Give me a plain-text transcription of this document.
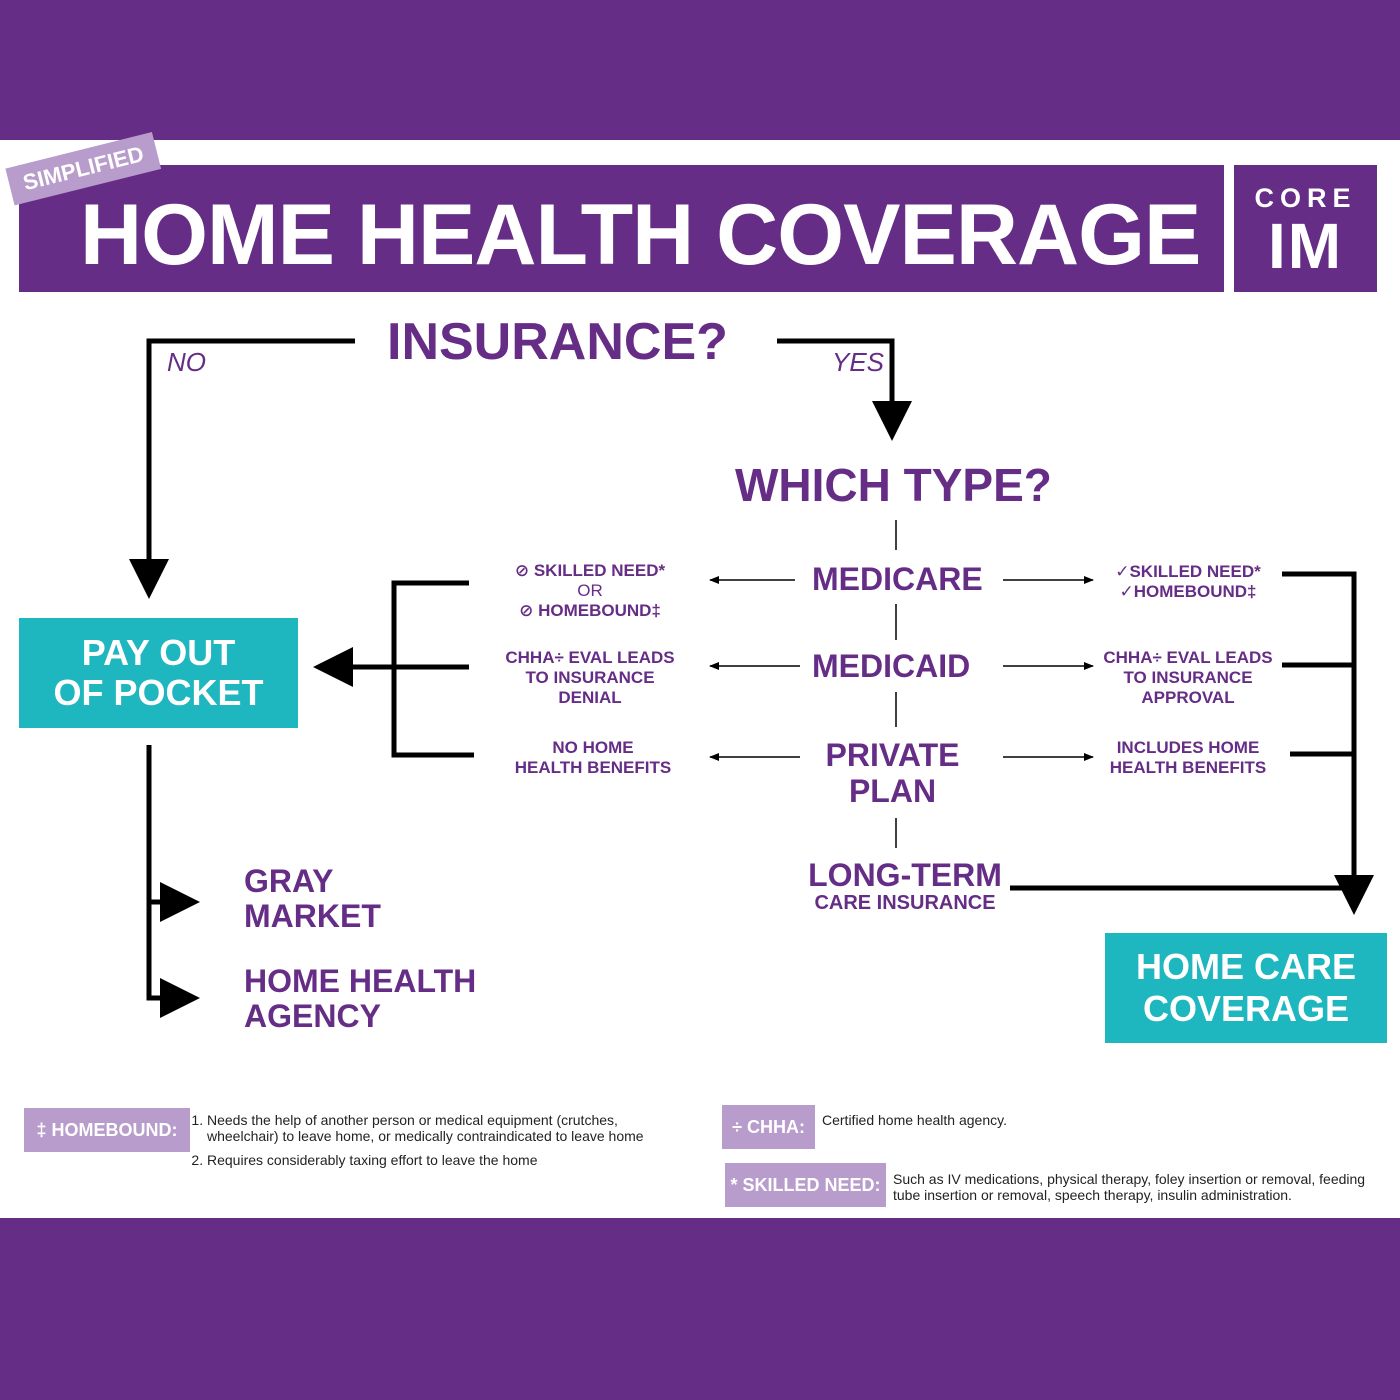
HOME HEALTH COVERAGE
SIMPLIFIED
CORE
IM
INSURANCE?
NO	YES
WHICH TYPE?
MEDICARE
MEDICAID
PRIVATE
PLAN
LONG-TERM
CARE INSURANCE
⊘ SKILLED NEED*
OR
⊘ HOMEBOUND‡
CHHA÷ EVAL LEADS
TO INSURANCE
DENIAL
NO HOME
HEALTH BENEFITS
✓SKILLED NEED*
✓HOMEBOUND‡
CHHA÷ EVAL LEADS
TO INSURANCE
APPROVAL
INCLUDES HOME
HEALTH BENEFITS
PAY OUT
OF POCKET
HOME CARE
COVERAGE
GRAY
MARKET
HOME HEALTH
AGENCY
‡ HOMEBOUND:
1.	Needs the help of another person or medical equipment (crutches, wheelchair) to leave home, or medically contraindicated to leave home
2. Requires considerably taxing effort to leave the home
÷ CHHA:	Certified home health agency.
* SKILLED NEED: Such as IV medications, physical therapy, foley insertion or removal, feeding tube insertion or removal, speech therapy, insulin administration.
